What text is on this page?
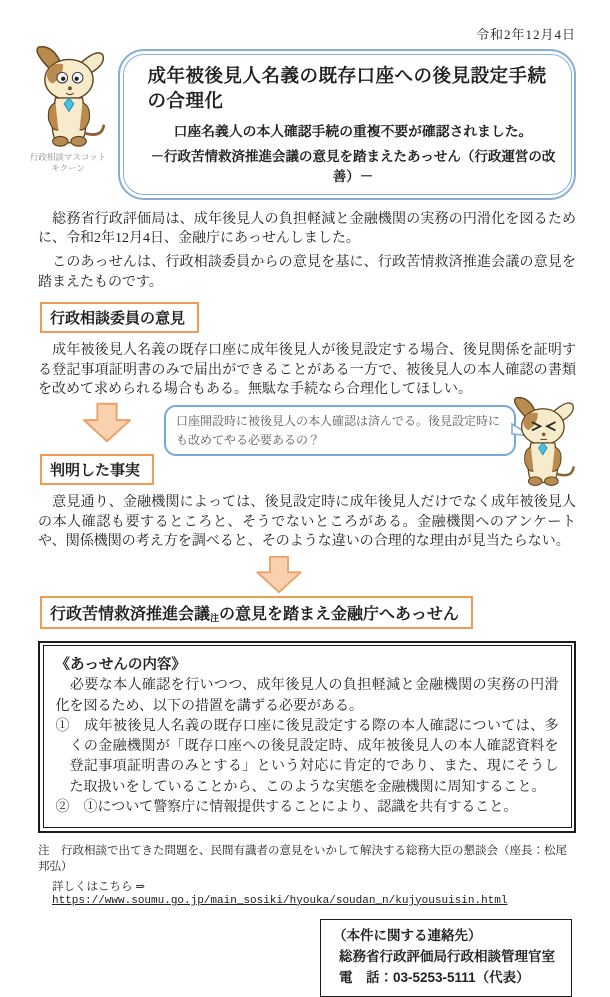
令和2年12月4日
行政相談マスコット
キクーン
成年被後見人名義の既存口座への後見設定手続の合理化
口座名義人の本人確認手続の重複不要が確認されました。
－行政苦情救済推進会議の意見を踏まえたあっせん（行政運営の改善）－

　総務省行政評価局は、成年後見人の負担軽減と金融機関の実務の円滑化を図るために、令和2年12月4日、金融庁にあっせんしました。

　このあっせんは、行政相談委員からの意見を基に、行政苦情救済推進会議の意見を踏まえたものです。

行政相談委員の意見

　成年被後見人名義の既存口座に成年後見人が後見設定する場合、後見関係を証明する登記事項証明書のみで届出ができることがある一方で、被後見人の本人確認の書類を改めて求められる場合もある。無駄な手続なら合理化してほしい。

口座開設時に被後見人の本人確認は済んでる。後見設定時にも改めてやる必要あるの？
判明した事実

　意見通り、金融機関によっては、後見設定時に成年後見人だけでなく成年被後見人の本人確認も要するところと、そうでないところがある。金融機関へのアンケートや、関係機関の考え方を調べると、そのような違いの合理的な理由が見当たらない。

行政苦情救済推進会議注の意見を踏まえ金融庁へあっせん
《あっせんの内容》

　必要な本人確認を行いつつ、成年後見人の負担軽減と金融機関の実務の円滑化を図るため、以下の措置を講ずる必要がある。

①　成年被後見人名義の既存口座に後見設定する際の本人確認については、多くの金融機関が「既存口座への後見設定時、成年被後見人の本人確認資料を登記事項証明書のみとする」という対応に肯定的であり、また、現にそうした取扱いをしていることから、このような実態を金融機関に周知すること。

②　①について警察庁に情報提供することにより、認識を共有すること。

注　行政相談で出てきた問題を、民間有識者の意見をいかして解決する総務大臣の懇談会（座長：松尾邦弘）
詳しくはこちら ⇒ https://www.soumu.go.jp/main_sosiki/hyouka/soudan_n/kujyousuisin.html
（本件に関する連絡先）
総務省行政評価局行政相談管理官室
電　話：03-5253-5111（代表）
